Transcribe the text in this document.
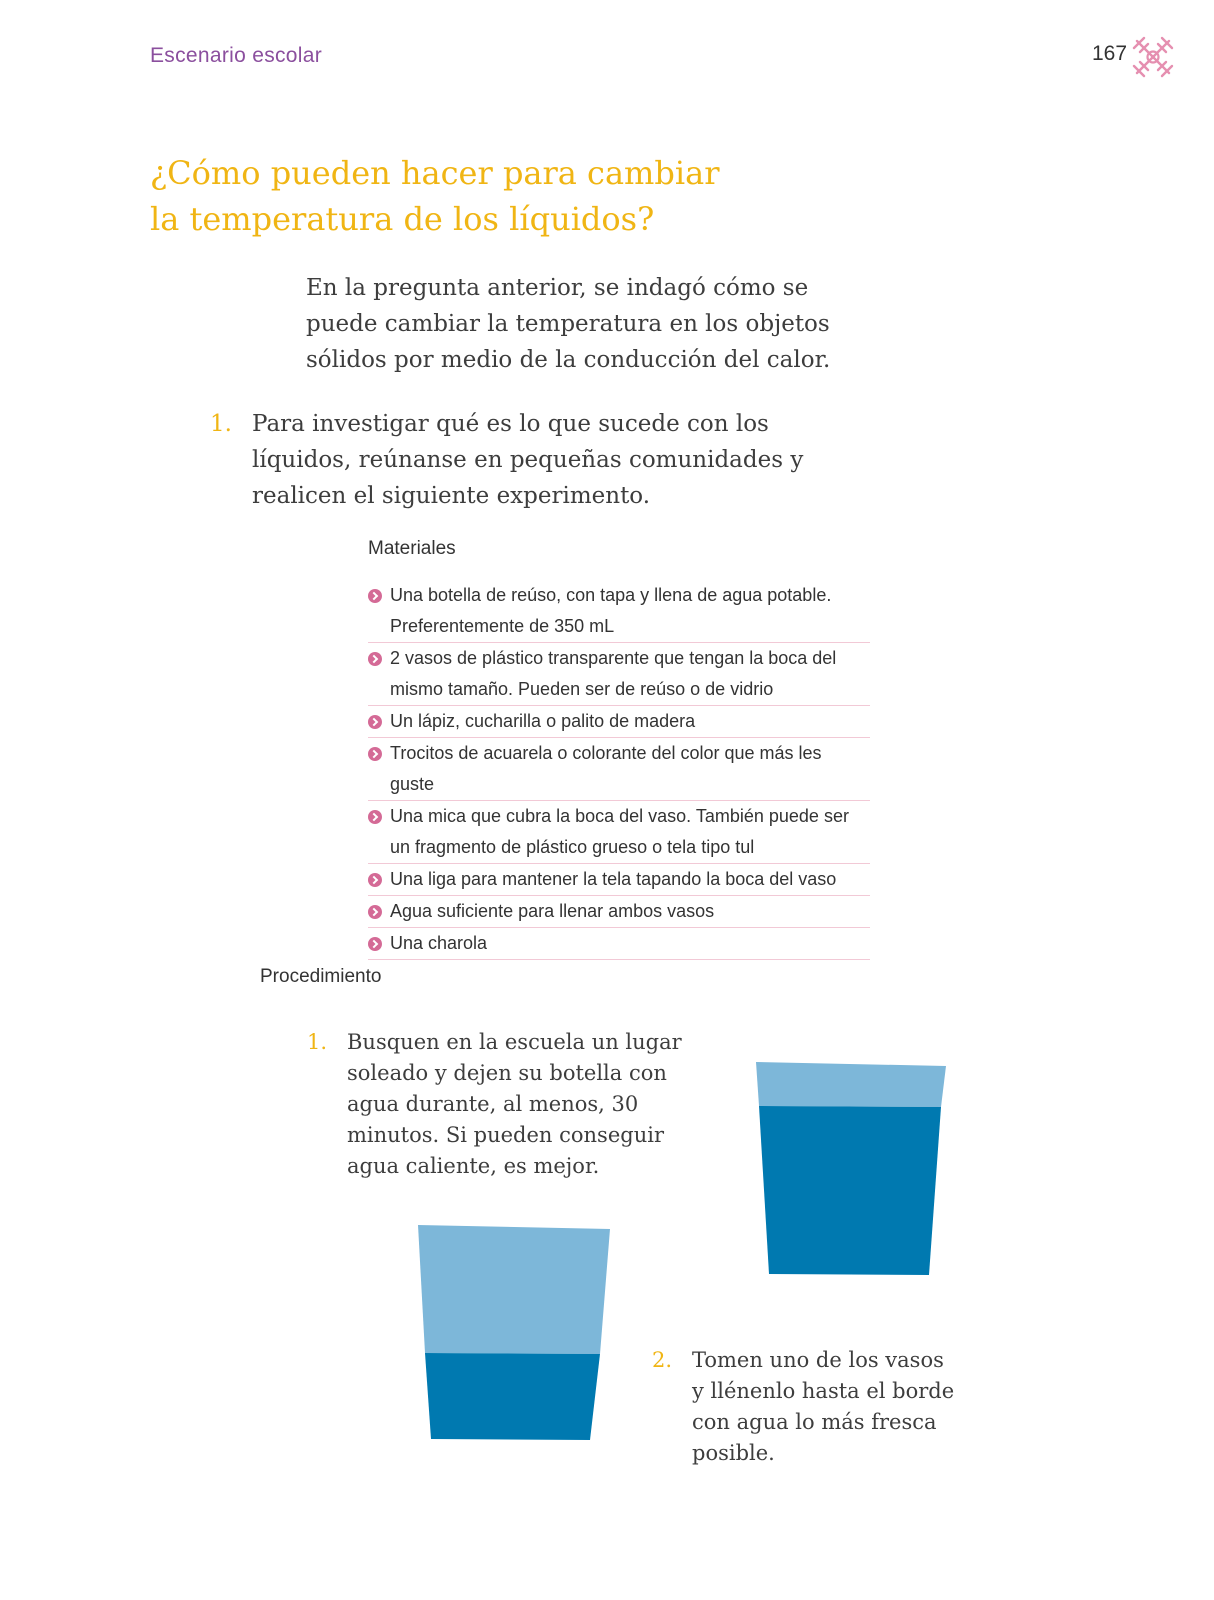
Escenario escolar	167
¿Cómo pueden hacer para cambiar
la temperatura de los líquidos?

En la pregunta anterior, se indagó cómo se puede cambiar la temperatura en los objetos sólidos por medio de la conducción del calor.

1. Para investigar qué es lo que sucede con los líquidos, reúnanse en pequeñas comunidades y realicen el siguiente experimento.
Materiales
Una botella de reúso, con tapa y llena de agua potable. Preferentemente de 350 mL
2 vasos de plástico transparente que tengan la boca del mismo tamaño. Pueden ser de reúso o de vidrio
Un lápiz, cucharilla o palito de madera
Trocitos de acuarela o colorante del color que más les guste
Una mica que cubra la boca del vaso. También puede ser un fragmento de plástico grueso o tela tipo tul
Una liga para mantener la tela tapando la boca del vaso
Agua suficiente para llenar ambos vasos
Una charola
Procedimiento
1. Busquen en la escuela un lugar soleado y dejen su botella con agua durante, al menos, 30 minutos. Si pueden conseguir agua caliente, es mejor.
2. Tomen uno de los vasos y llénenlo hasta el borde con agua lo más fresca posible.
